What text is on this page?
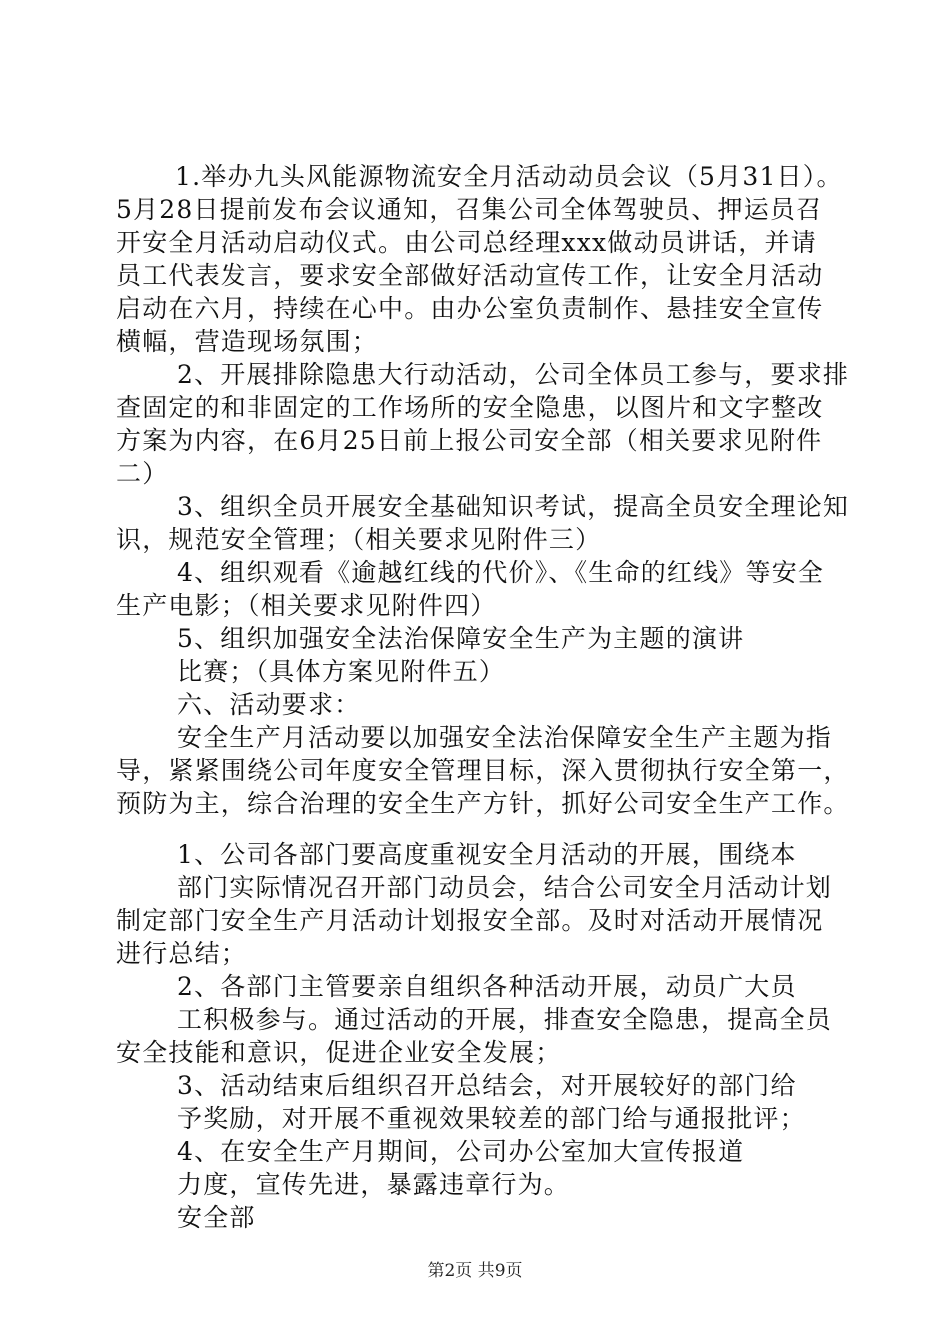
第2页 共9页
1.举办九头风能源物流安全月活动动员会议（5月31日）。
5月28日提前发布会议通知，召集公司全体驾驶员、押运员召
开安全月活动启动仪式。由公司总经理xxx做动员讲话，并请
员工代表发言，要求安全部做好活动宣传工作，让安全月活动
启动在六月，持续在心中。由办公室负责制作、悬挂安全宣传
横幅，营造现场氛围；
2、开展排除隐患大行动活动，公司全体员工参与，要求排
查固定的和非固定的工作场所的安全隐患，以图片和文字整改
方案为内容，在6月25日前上报公司安全部（相关要求见附件
二）
3、组织全员开展安全基础知识考试，提高全员安全理论知
识，规范安全管理；（相关要求见附件三）
4、组织观看《逾越红线的代价》、《生命的红线》等安全
生产电影；（相关要求见附件四）
5、组织加强安全法治保障安全生产为主题的演讲
比赛；（具体方案见附件五）
六、活动要求：
安全生产月活动要以加强安全法治保障安全生产主题为指
导，紧紧围绕公司年度安全管理目标，深入贯彻执行安全第一，
预防为主，综合治理的安全生产方针，抓好公司安全生产工作。
1、公司各部门要高度重视安全月活动的开展，围绕本
部门实际情况召开部门动员会，结合公司安全月活动计划
制定部门安全生产月活动计划报安全部。及时对活动开展情况
进行总结；
2、各部门主管要亲自组织各种活动开展，动员广大员
工积极参与。通过活动的开展，排查安全隐患，提高全员
安全技能和意识，促进企业安全发展；
3、活动结束后组织召开总结会，对开展较好的部门给
予奖励，对开展不重视效果较差的部门给与通报批评；
4、在安全生产月期间，公司办公室加大宣传报道
力度，宣传先进，暴露违章行为。
安全部
